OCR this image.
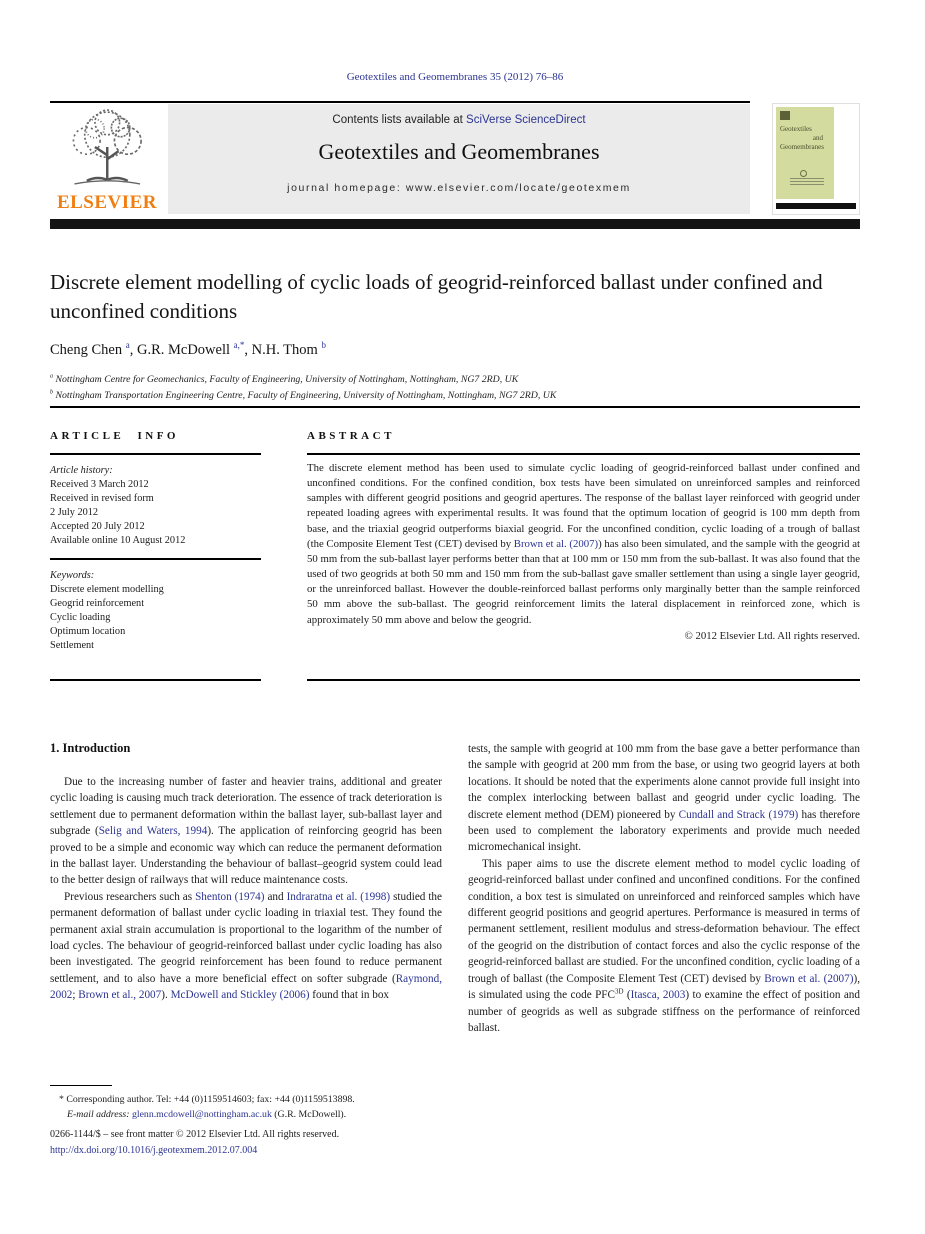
Geotextiles and Geomembranes 35 (2012) 76–86
ELSEVIER
Contents lists available at SciVerse ScienceDirect
Geotextiles and Geomembranes
journal homepage: www.elsevier.com/locate/geotexmem
Geotextiles
and
Geomembranes
Discrete element modelling of cyclic loads of geogrid-reinforced ballast under confined and unconfined conditions
Cheng Chen $^a$, G.R. McDowell $^{a,*}$, N.H. Thom $^b$
$^a$ Nottingham Centre for Geomechanics, Faculty of Engineering, University of Nottingham, Nottingham, NG7 2RD, UK
$^b$ Nottingham Transportation Engineering Centre, Faculty of Engineering, University of Nottingham, Nottingham, NG7 2RD, UK
ARTICLE INFO	ABSTRACT
Article history:
Received 3 March 2012
Received in revised form
2 July 2012
Accepted 20 July 2012
Available online 10 August 2012
Keywords:
Discrete element modelling
Geogrid reinforcement
Cyclic loading
Optimum location
Settlement
The discrete element method has been used to simulate cyclic loading of geogrid-reinforced ballast under confined and unconfined conditions. For the confined condition, box tests have been simulated on unreinforced samples and reinforced samples with different geogrid positions and geogrid apertures. The response of the ballast layer reinforced with geogrid under repeated loading agrees with experimental results. It was found that the optimum location of geogrid is 100 mm depth from base, and the triaxial geogrid outperforms biaxial geogrid. For the unconfined condition, cyclic loading of a trough of ballast (the Composite Element Test (CET) devised by Brown et al. (2007)) has also been simulated, and the sample with the geogrid at 50 mm from the sub-ballast layer performs better than that at 100 mm or 150 mm from the sub-ballast. It was also found that the used of two geogrids at both 50 mm and 150 mm from the sub-ballast gave smaller settlement than using a single layer geogrid, or the unreinforced ballast. However the double-reinforced ballast performs only marginally better than the sample reinforced 50 mm above the sub-ballast. The geogrid reinforcement limits the lateral displacement in reinforced zone, which is approximately 50 mm above and below the geogrid.
© 2012 Elsevier Ltd. All rights reserved.
1. Introduction

Due to the increasing number of faster and heavier trains, additional and greater cyclic loading is causing much track deterioration. The essence of track deterioration is settlement due to permanent deformation within the ballast layer, sub-ballast layer and subgrade (Selig and Waters, 1994). The application of reinforcing geogrid has been proved to be a simple and economic way which can reduce the permanent deformation in the ballast layer. Understanding the behaviour of ballast–geogrid system could lead to the better design of railways that will reduce maintenance costs.

Previous researchers such as Shenton (1974) and Indraratna et al. (1998) studied the permanent deformation of ballast under cyclic loading in triaxial test. They found the permanent axial strain accumulation is proportional to the logarithm of the number of load cycles. The behaviour of geogrid-reinforced ballast under cyclic loading has also been investigated. The geogrid reinforcement has been found to reduce permanent settlement, and to also have a more beneficial effect on softer subgrade (Raymond, 2002; Brown et al., 2007). McDowell and Stickley (2006) found that in box

tests, the sample with geogrid at 100 mm from the base gave a better performance than the sample with geogrid at 200 mm from the base, or using two geogrid layers at both locations. It should be noted that the experiments alone cannot provide full insight into the complex interlocking between ballast and geogrid under cyclic loading. The discrete element method (DEM) pioneered by Cundall and Strack (1979) has therefore been used to complement the laboratory experiments and provide much needed micromechanical insight.

This paper aims to use the discrete element method to model cyclic loading of geogrid-reinforced ballast under confined and unconfined conditions. For the confined condition, a box test is simulated on unreinforced and reinforced samples which have different geogrid positions and geogrid apertures. Performance is measured in terms of permanent settlement, resilient modulus and stress-deformation behaviour. The effect of the geogrid on the distribution of contact forces and also the cyclic response of the geogrid-reinforced ballast are studied. For the unconfined condition, cyclic loading of a trough of ballast (the Composite Element Test (CET) devised by Brown et al. (2007)), is simulated using the code $PFC^{3D}$ (Itasca, 2003) to examine the effect of position and number of geogrids as well as subgrade stiffness on the performance of reinforced ballast.

* Corresponding author. Tel: +44 (0)1159514603; fax: +44 (0)1159513898.
E-mail address: glenn.mcdowell@nottingham.ac.uk (G.R. McDowell).
0266-1144/$ – see front matter © 2012 Elsevier Ltd. All rights reserved.
http://dx.doi.org/10.1016/j.geotexmem.2012.07.004
